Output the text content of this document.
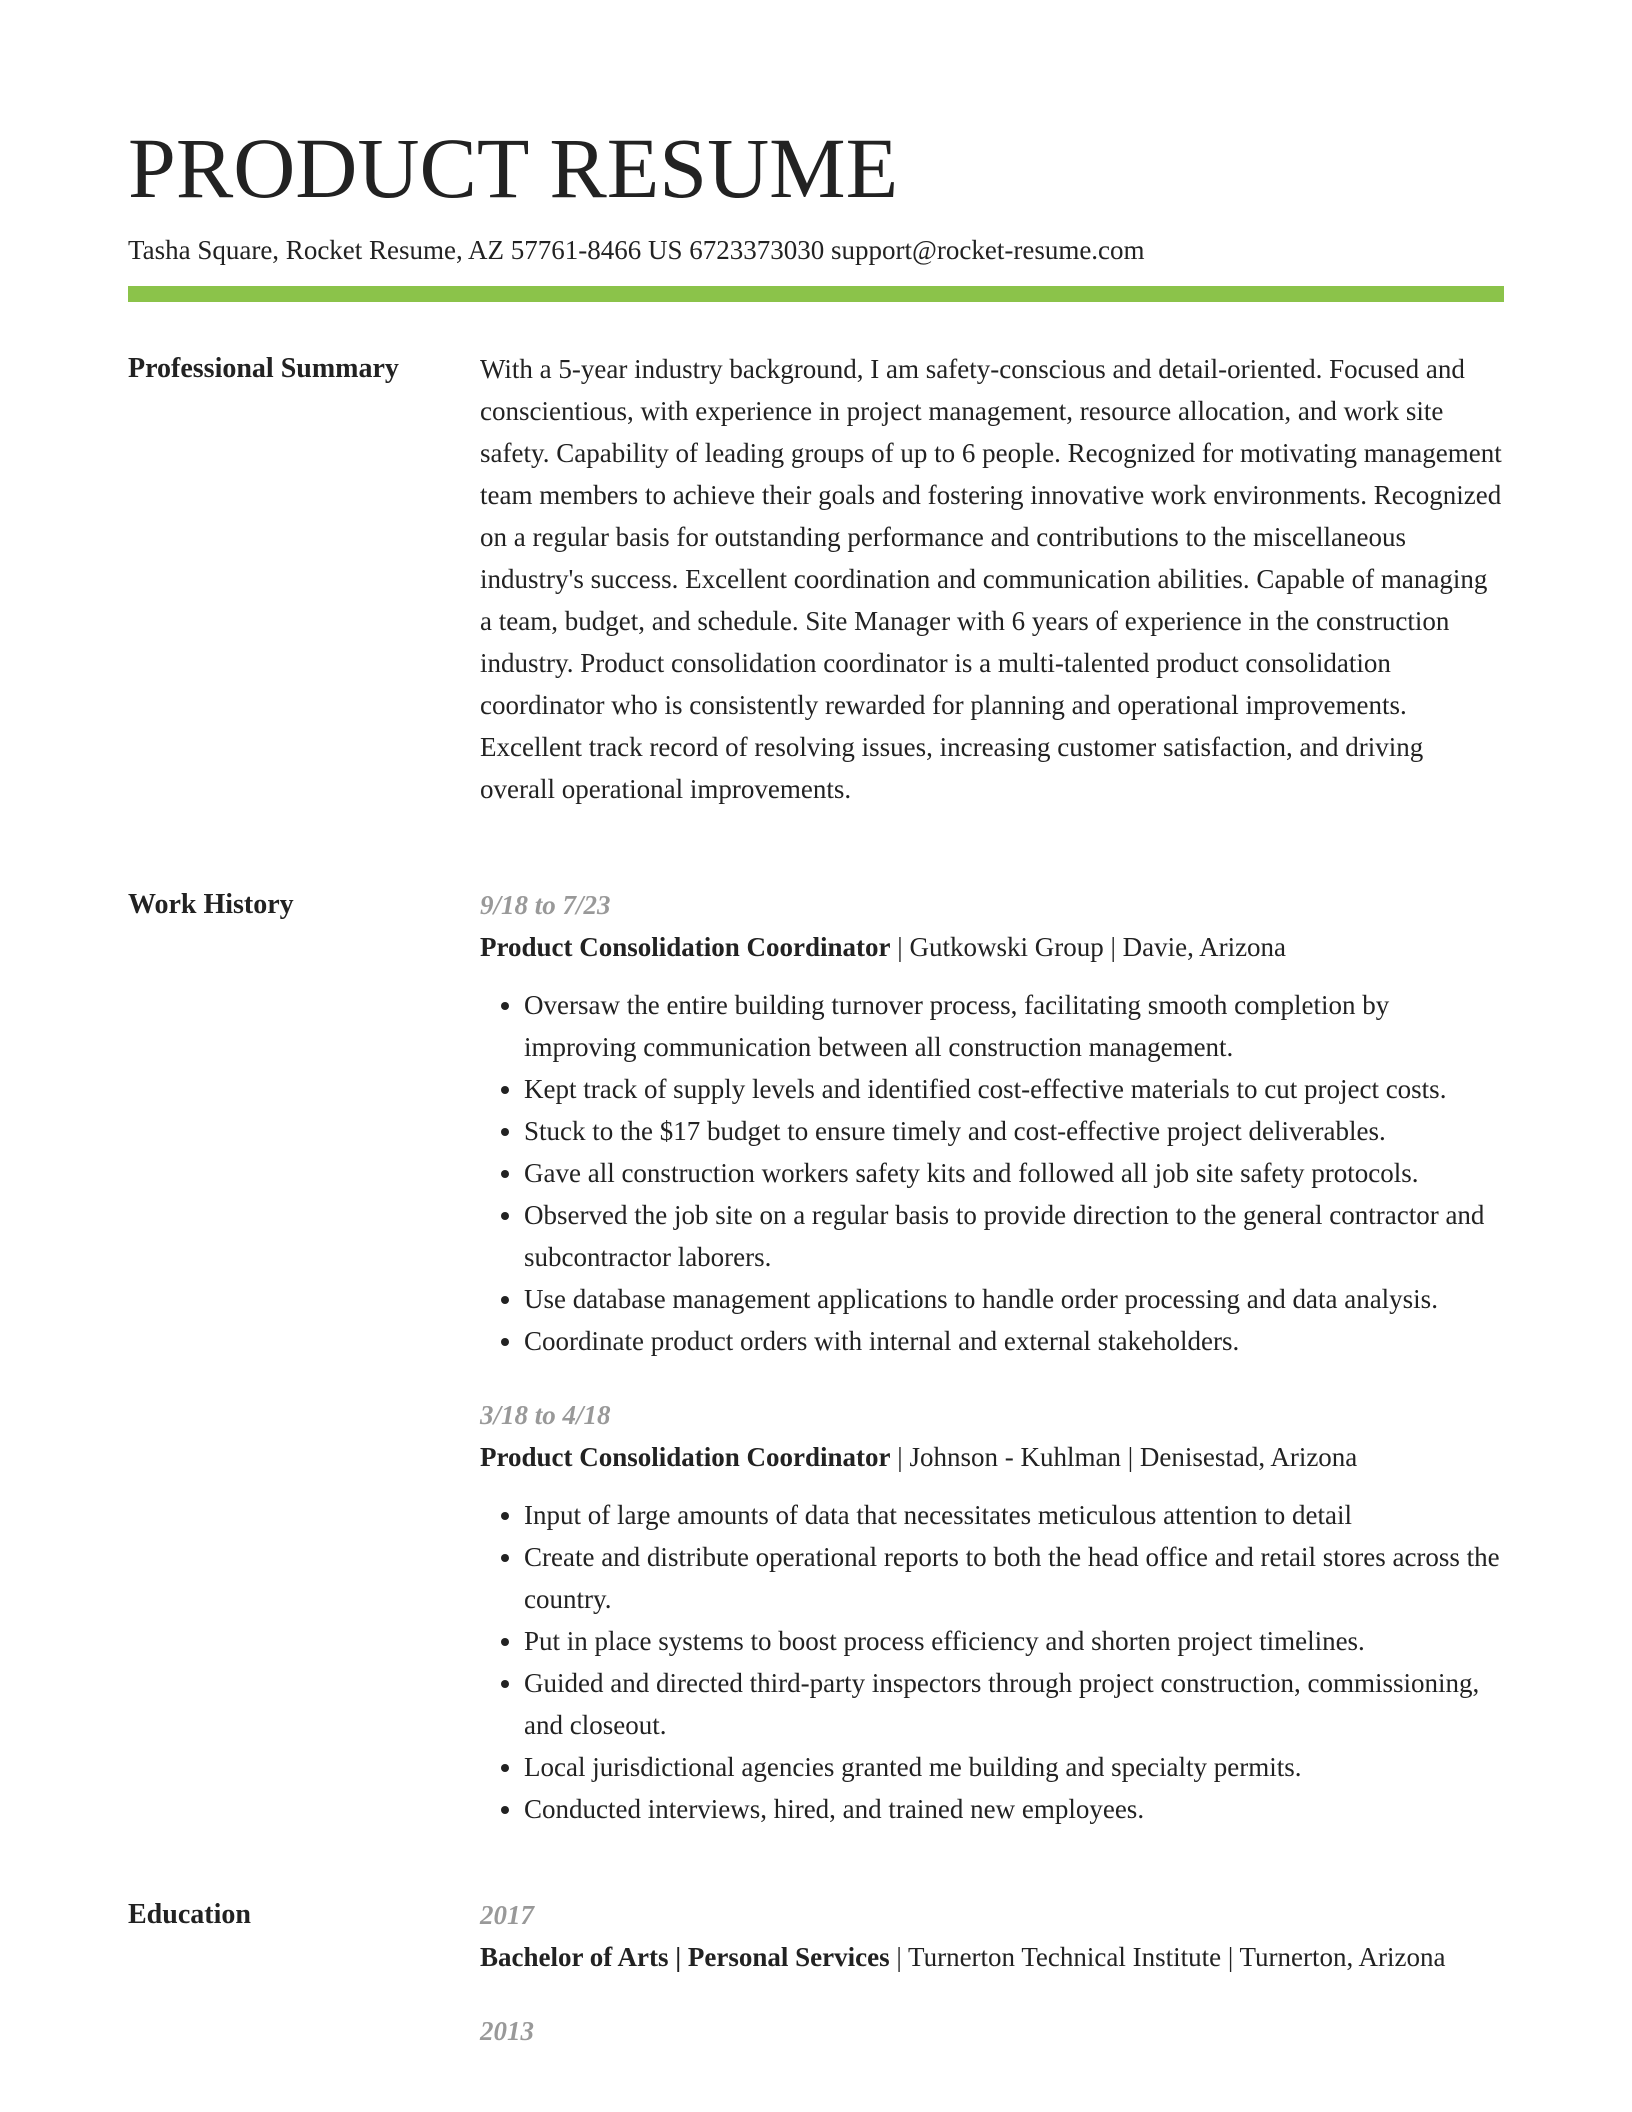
PRODUCT RESUME
Tasha Square, Rocket Resume, AZ 57761-8466 US 6723373030 support@rocket-resume.com
Professional Summary	With a 5-year industry background, I am safety-conscious and detail-oriented. Focused and conscientious, with experience in project management, resource allocation, and work site safety. Capability of leading groups of up to 6 people. Recognized for motivating management team members to achieve their goals and fostering innovative work environments. Recognized on a regular basis for outstanding performance and contributions to the miscellaneous industry's success. Excellent coordination and communication abilities. Capable of managing a team, budget, and schedule. Site Manager with 6 years of experience in the construction industry. Product consolidation coordinator is a multi-talented product consolidation coordinator who is consistently rewarded for planning and operational improvements. Excellent track record of resolving issues, increasing customer satisfaction, and driving overall operational improvements.

Work History	9/18 to 7/23
Product Consolidation Coordinator | Gutkowski Group | Davie, Arizona
• Oversaw the entire building turnover process, facilitating smooth completion by improving communication between all construction management.
• Kept track of supply levels and identified cost-effective materials to cut project costs.
• Stuck to the $17 budget to ensure timely and cost-effective project deliverables.
• Gave all construction workers safety kits and followed all job site safety protocols.
• Observed the job site on a regular basis to provide direction to the general contractor and subcontractor laborers.
• Use database management applications to handle order processing and data analysis.
• Coordinate product orders with internal and external stakeholders.
3/18 to 4/18
Product Consolidation Coordinator | Johnson - Kuhlman | Denisestad, Arizona
• Input of large amounts of data that necessitates meticulous attention to detail
• Create and distribute operational reports to both the head office and retail stores across the country.
• Put in place systems to boost process efficiency and shorten project timelines.
• Guided and directed third-party inspectors through project construction, commissioning, and closeout.
• Local jurisdictional agencies granted me building and specialty permits.
• Conducted interviews, hired, and trained new employees.
Education	2017
Bachelor of Arts | Personal Services | Turnerton Technical Institute | Turnerton, Arizona
2013
